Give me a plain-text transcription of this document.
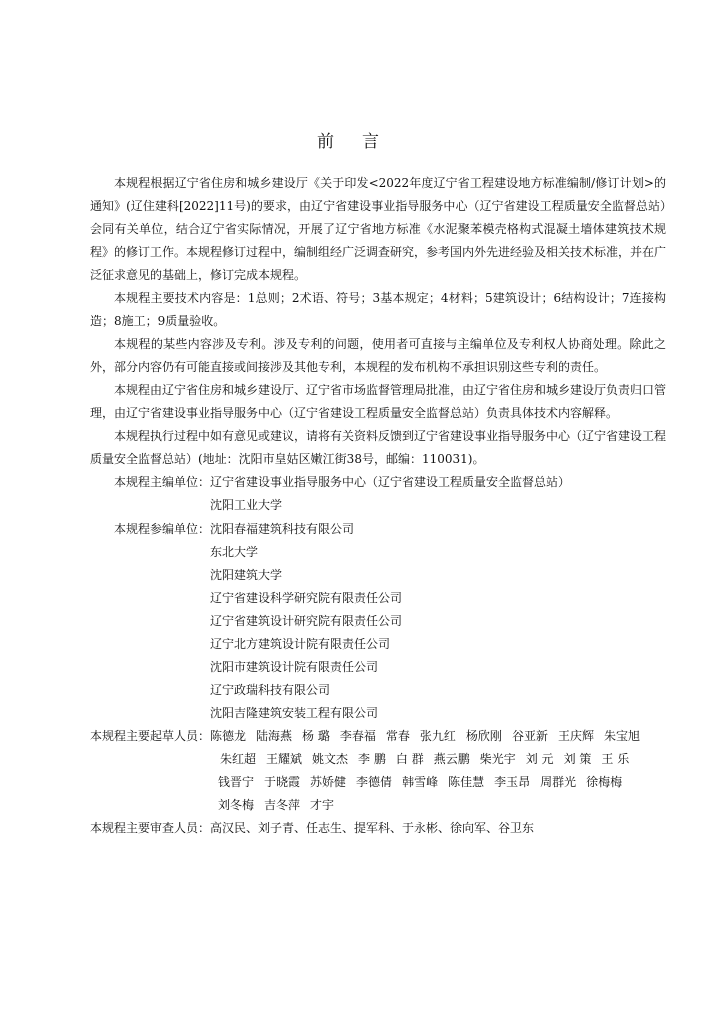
前言

本规程根据辽宁省住房和城乡建设厅《关于印发<2022年度辽宁省工程建设地方标准编制/修订计划>的通知》(辽住建科[2022]11号)的要求，由辽宁省建设事业指导服务中心（辽宁省建设工程质量安全监督总站）会同有关单位，结合辽宁省实际情况，开展了辽宁省地方标准《水泥聚苯模壳格构式混凝土墙体建筑技术规程》的修订工作。本规程修订过程中，编制组经广泛调查研究，参考国内外先进经验及相关技术标准，并在广泛征求意见的基础上，修订完成本规程。

本规程主要技术内容是：1总则；2术语、符号；3基本规定；4材料；5建筑设计；6结构设计；7连接构造；8施工；9质量验收。

本规程的某些内容涉及专利。涉及专利的问题，使用者可直接与主编单位及专利权人协商处理。除此之外，部分内容仍有可能直接或间接涉及其他专利，本规程的发布机构不承担识别这些专利的责任。

本规程由辽宁省住房和城乡建设厅、辽宁省市场监督管理局批准，由辽宁省住房和城乡建设厅负责归口管理，由辽宁省建设事业指导服务中心（辽宁省建设工程质量安全监督总站）负责具体技术内容解释。

本规程执行过程中如有意见或建议，请将有关资料反馈到辽宁省建设事业指导服务中心（辽宁省建设工程质量安全监督总站）(地址：沈阳市皇姑区嫩江街38号，邮编：110031)。

本规程主编单位： 辽宁省建设事业指导服务中心（辽宁省建设工程质量安全监督总站）
沈阳工业大学
本规程参编单位： 沈阳春福建筑科技有限公司
东北大学
沈阳建筑大学
辽宁省建设科学研究院有限责任公司
辽宁省建筑设计研究院有限责任公司
辽宁北方建筑设计院有限责任公司
沈阳市建筑设计院有限责任公司
辽宁政瑞科技有限公司
沈阳吉隆建筑安装工程有限公司
本规程主要起草人员： 陈德龙 陆海燕 杨 璐 李春福 常春 张九红 杨欣刚 谷亚新 王庆辉 朱宝旭
朱红超 王耀斌 姚文杰 李 鹏 白 群 燕云鹏 柴光宇 刘 元 刘 策 王 乐
钱晋宁 于晓霞 苏娇健 李德倩 韩雪峰 陈佳慧 李玉昂 周群光 徐梅梅
刘冬梅 吉冬萍 才宇
本规程主要审查人员： 高汉民、刘子青、任志生、提军科、于永彬、徐向军、谷卫东
